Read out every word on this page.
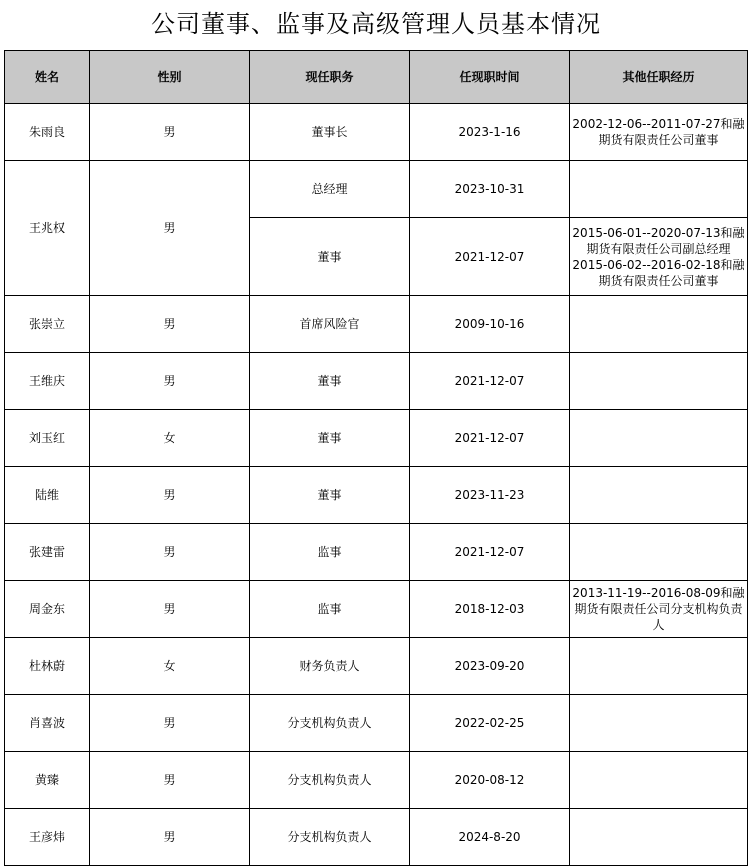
公司董事、监事及高级管理人员基本情况
姓名	性别	现任职务	任现职时间	其他任职经历
朱雨良	男	董事长	2023-1-16	2002-12-06--2011-07-27和融期货有限责任公司董事

王兆权	男	总经理	2023-10-31	
		董事	2021-12-07	2015-06-01--2020-07-13和融期货有限责任公司副总经理
2015-06-02--2016-02-18和融期货有限责任公司董事

张崇立	男	首席风险官	2009-10-16	
王维庆	男	董事	2021-12-07	
刘玉红	女	董事	2021-12-07	
陆维	男	董事	2023-11-23	
张建雷	男	监事	2021-12-07	
周金东	男	监事	2018-12-03	2013-11-19--2016-08-09和融期货有限责任公司分支机构负责人

杜林蔚	女	财务负责人	2023-09-20	
肖喜波	男	分支机构负责人	2022-02-25	
黄臻	男	分支机构负责人	2020-08-12	
王彦炜	男	分支机构负责人	2024-8-20	
